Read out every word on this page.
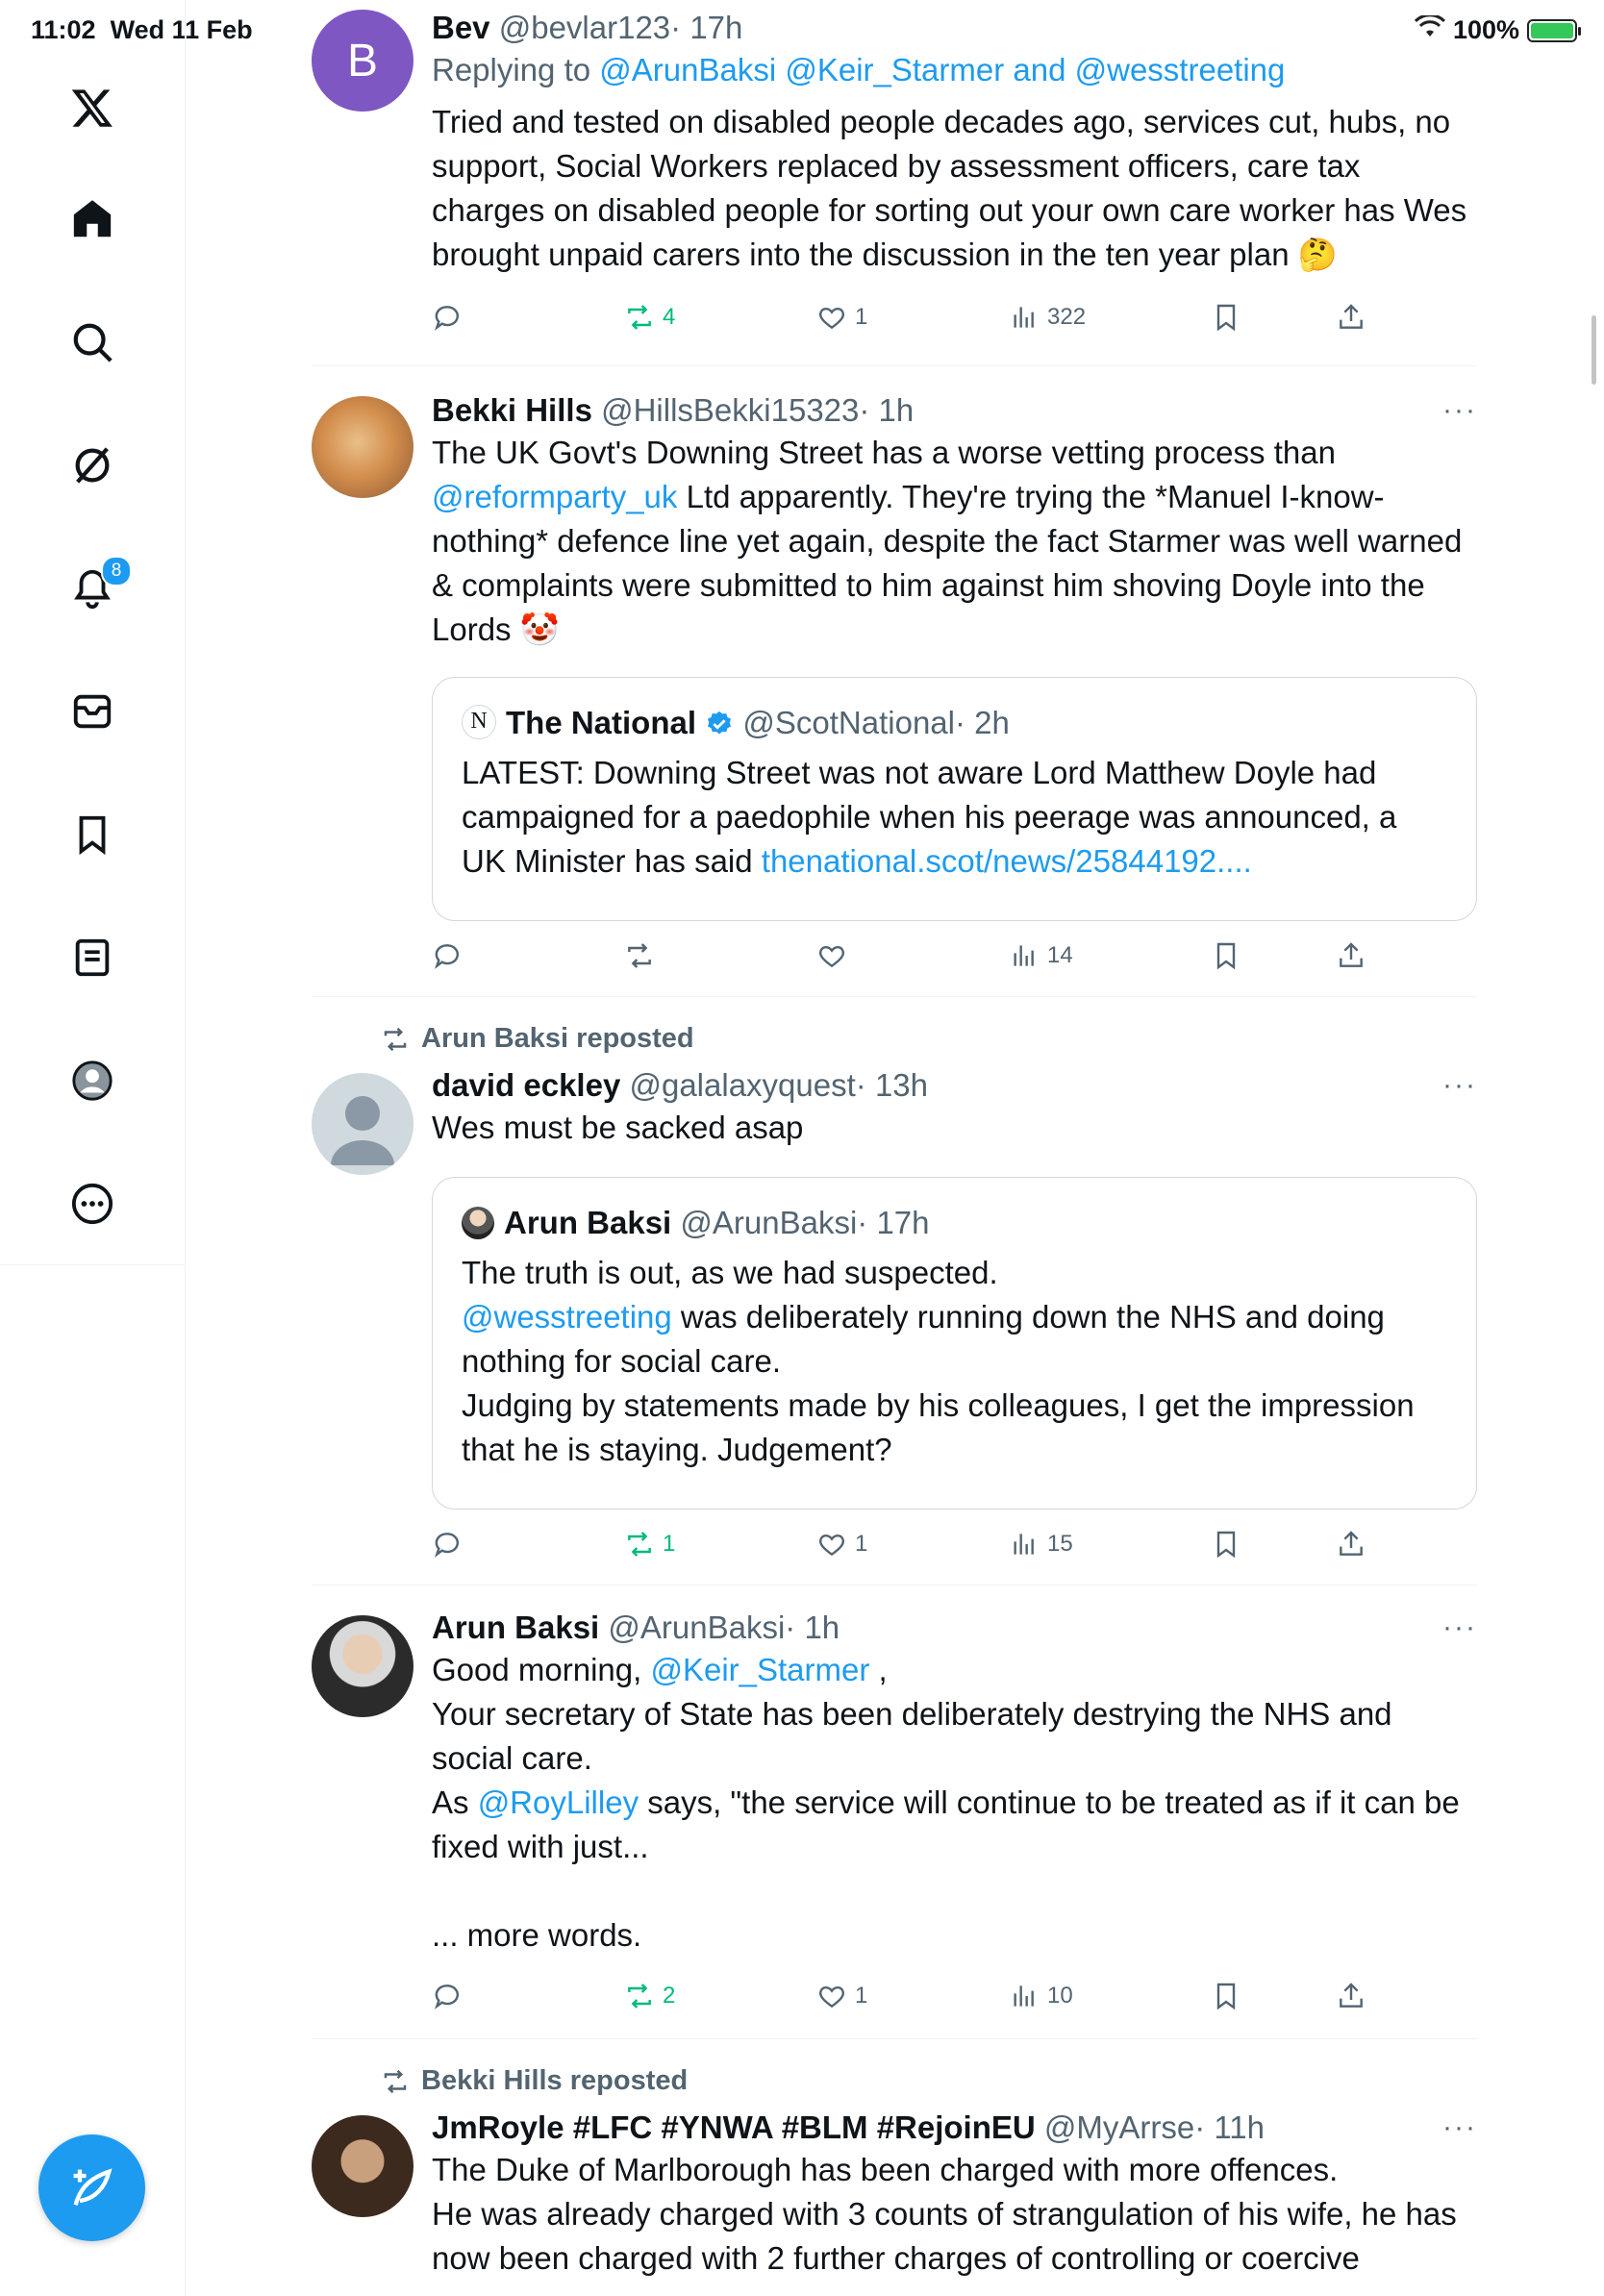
11:02 Wed 11 Feb	100%
8
B
Bev @bevlar123· 17h
Replying to @ArunBaksi @Keir_Starmer and @wesstreeting
Tried and tested on disabled people decades ago, services cut, hubs, no support, Social Workers replaced by assessment officers, care tax charges on disabled people for sorting out your own care worker has Wes brought unpaid carers into the discussion in the ten year plan 🤔
4	1	322
Bekki Hills @HillsBekki15323· 1h	···
The UK Govt's Downing Street has a worse vetting process than @reformparty_uk Ltd apparently. They're trying the *Manuel I-know-nothing* defence line yet again, despite the fact Starmer was well warned & complaints were submitted to him against him shoving Doyle into the Lords 🤡
N The National @ScotNational· 2h
LATEST: Downing Street was not aware Lord Matthew Doyle had campaigned for a paedophile when his peerage was announced, a UK Minister has said thenational.scot/news/25844192....
14
Arun Baksi reposted
david eckley @galalaxyquest· 13h	···
Wes must be sacked asap
Arun Baksi @ArunBaksi· 17h
The truth is out, as we had suspected.
@wesstreeting was deliberately running down the NHS and doing nothing for social care.
Judging by statements made by his colleagues, I get the impression that he is staying. Judgement?
1	1	15
Arun Baksi @ArunBaksi· 1h	···
Good morning, @Keir_Starmer ,
Your secretary of State has been deliberately destrying the NHS and social care.
As @RoyLilley says, "the service will continue to be treated as if it can be fixed with just...

... more words.
2	1	10
Bekki Hills reposted
JmRoyle #LFC #YNWA #BLM #RejoinEU @MyArrse· 11h	···
The Duke of Marlborough has been charged with more offences.
He was already charged with 3 counts of strangulation of his wife, he has now been charged with 2 further charges of controlling or coercive
